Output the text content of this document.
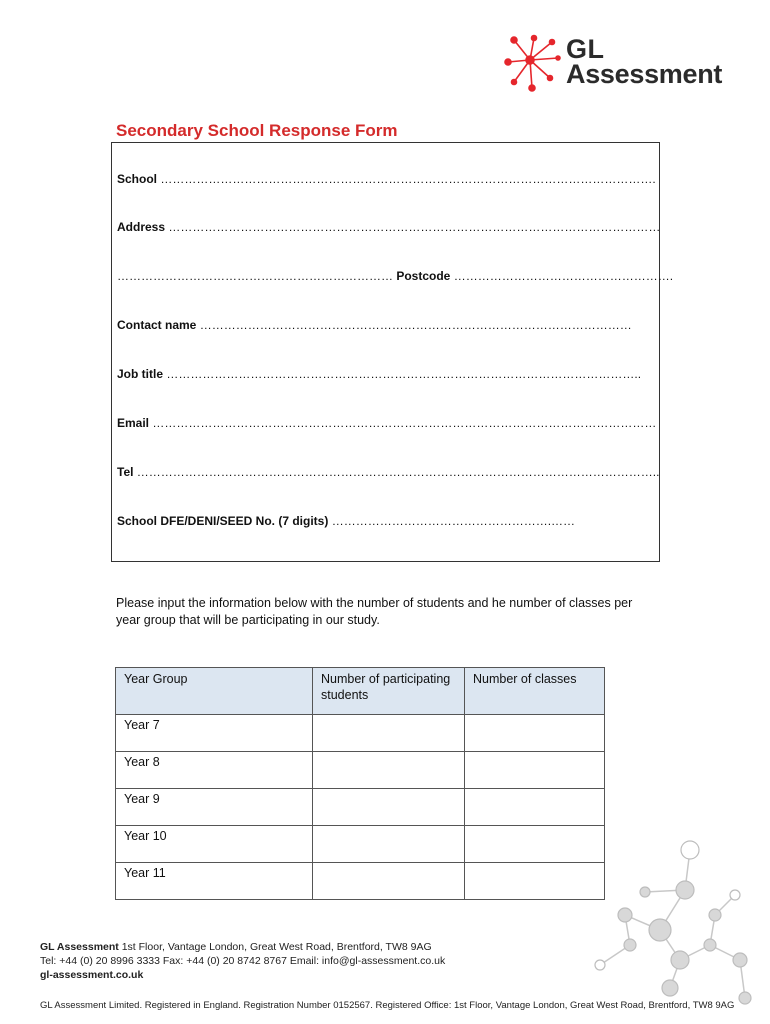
GL
Assessment
Secondary School Response Form
School …………………………………………………………………………………………………………….
Address ……………………………………………………………………………………………………………
…………………………………………………………… Postcode ……………………………………………….
Contact name ………………………………………………………………………………………………
Job title ………………………………………………………………………………………………………..
Email ………………………………………………………………………………………………………………
Tel …………………………………………………………………………………………………………………..
School DFE/DENI/SEED No. (7 digits) ……………………………………………….……

Please input the information below with the number of students and he number of classes per year group that will be participating in our study.

Year Group	Number of participating students	Number of classes
Year 7		
Year 8		
Year 9		
Year 10		
Year 11		
GL Assessment 1st Floor, Vantage London, Great West Road, Brentford, TW8 9AG
Tel: +44 (0) 20 8996 3333 Fax: +44 (0) 20 8742 8767 Email: info@gl-assessment.co.uk
gl-assessment.co.uk
GL Assessment Limited. Registered in England. Registration Number 0152567. Registered Office: 1st Floor, Vantage London, Great West Road, Brentford, TW8 9AG
